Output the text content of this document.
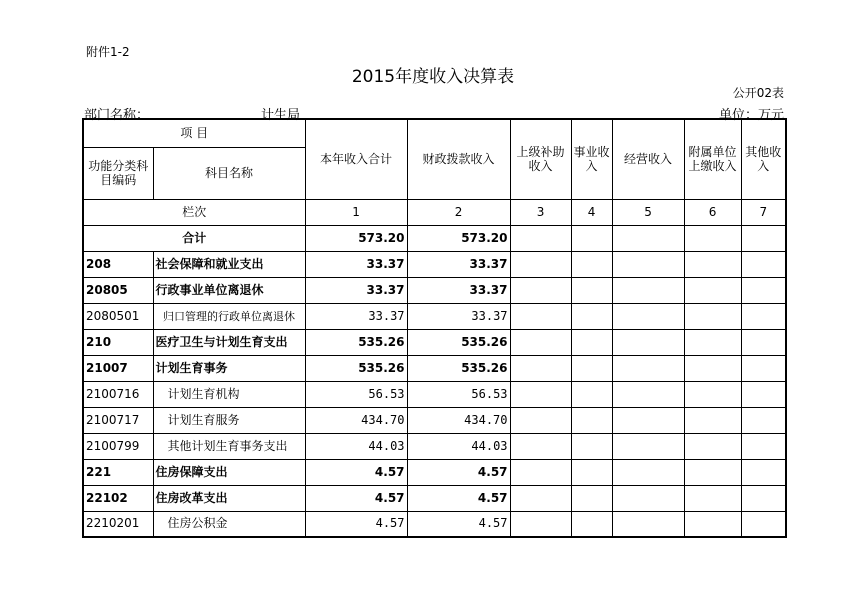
附件1-2
2015年度收入决算表
公开02表
部门名称：	计生局	单位：万元
项 目		本年收入合计	财政拨款收入	上级补助收入	事业收入	经营收入	附属单位上缴收入	其他收入
功能分类科目编码	科目名称							
栏次		1	2	3	4	5	6	7
合计		573.20	573.20					
208	社会保障和就业支出	33.37	33.37					
20805	行政事业单位离退休	33.37	33.37					
2080501	归口管理的行政单位离退休	33.37	33.37					
210	医疗卫生与计划生育支出	535.26	535.26					
21007	计划生育事务	535.26	535.26					
2100716	计划生育机构	56.53	56.53					
2100717	计划生育服务	434.70	434.70					
2100799	其他计划生育事务支出	44.03	44.03					
221	住房保障支出	4.57	4.57					
22102	住房改革支出	4.57	4.57					
2210201	住房公积金	4.57	4.57					
